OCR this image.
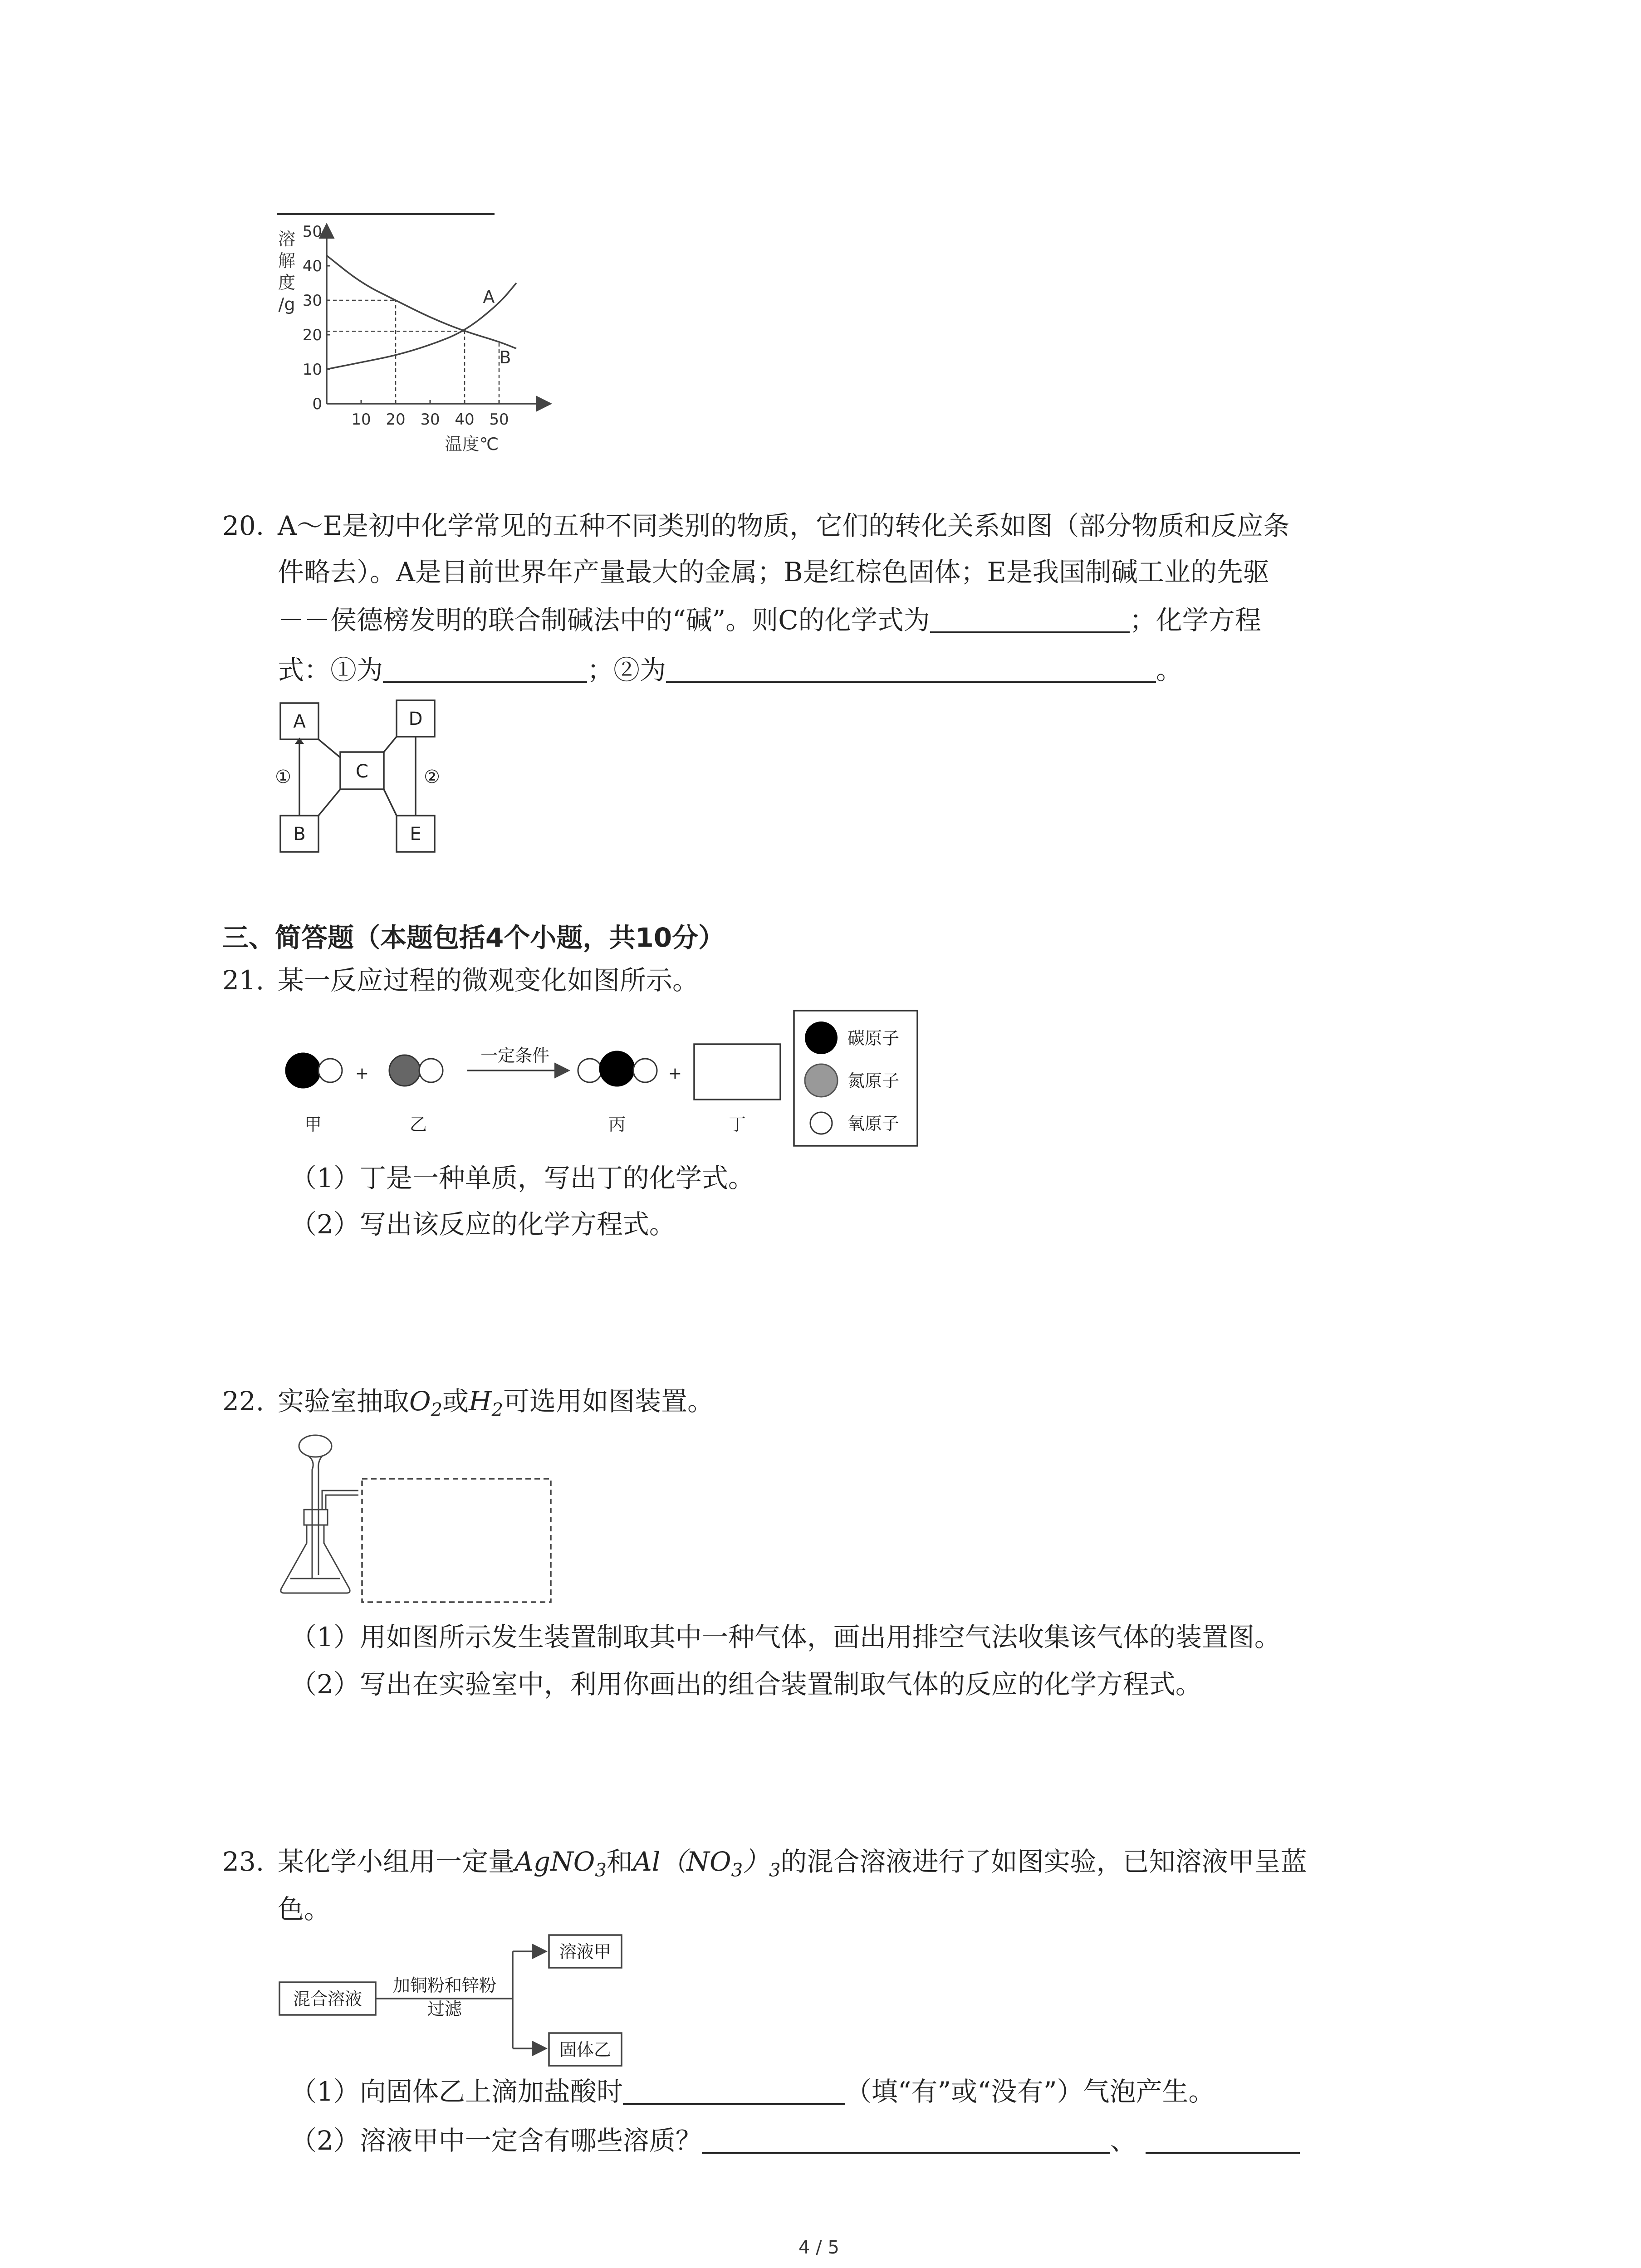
溶
解
度
/g
0
10
20
30
40
50
10 20 30 40 50
A
B
温度℃
20. A～E是初中化学常见的五种不同类别的物质，它们的转化关系如图（部分物质和反应条
件略去）。A是目前世界年产量最大的金属；B是红棕色固体；E是我国制碱工业的先驱
－－侯德榜发明的联合制碱法中的“碱”。则C的化学式为	；化学方程
式：①为	；②为	。
A	D
C
B	E
①	②
三、简答题（本题包括4个小题，共10分）
21. 某一反应过程的微观变化如图所示。
+
一定条件
+
甲	乙	丙	丁
碳原子
氮原子
氧原子
（1）丁是一种单质，写出丁的化学式。
（2）写出该反应的化学方程式。
22. 实验室抽取$O_2$或$H_2$可选用如图装置。
（1）用如图所示发生装置制取其中一种气体，画出用排空气法收集该气体的装置图。
（2）写出在实验室中，利用你画出的组合装置制取气体的反应的化学方程式。
23. 某化学小组用一定量AgNO$_3$和$Al(NO_3)_3$的混合溶液进行了如图实验，已知溶液甲呈蓝
色。
混合溶液
加铜粉和锌粉
过滤
溶液甲
固体乙
（1）向固体乙上滴加盐酸时	（填“有”或“没有”）气泡产生。
（2）溶液甲中一定含有哪些溶质？	、
4 / 5
